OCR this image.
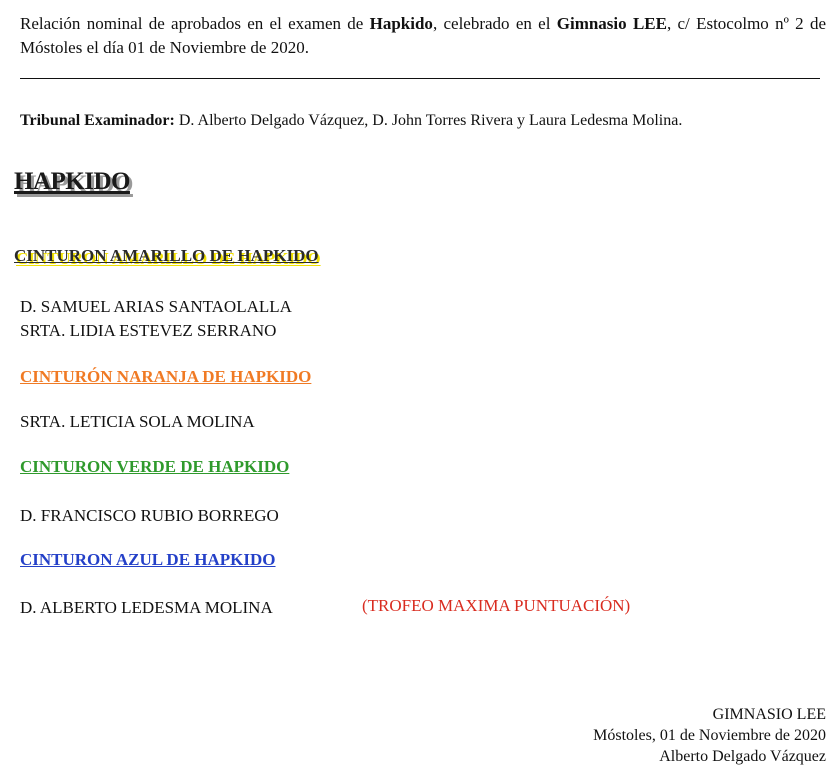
Relación nominal de aprobados en el examen de Hapkido, celebrado en el Gimnasio LEE, c/ Estocolmo nº 2 de Móstoles el día 01 de Noviembre de 2020.
Tribunal Examinador: D. Alberto Delgado Vázquez, D. John Torres Rivera y Laura Ledesma Molina.
HAPKIDO
CINTURON AMARILLO DE HAPKIDO
D. SAMUEL ARIAS SANTAOLALLA
SRTA. LIDIA ESTEVEZ SERRANO
CINTURÓN NARANJA DE HAPKIDO
SRTA. LETICIA SOLA MOLINA
CINTURON VERDE DE HAPKIDO
D. FRANCISCO RUBIO BORREGO
CINTURON AZUL DE HAPKIDO
D. ALBERTO LEDESMA MOLINA	(TROFEO MAXIMA PUNTUACIÓN)
GIMNASIO LEE
Móstoles, 01 de Noviembre de 2020
Alberto Delgado Vázquez
